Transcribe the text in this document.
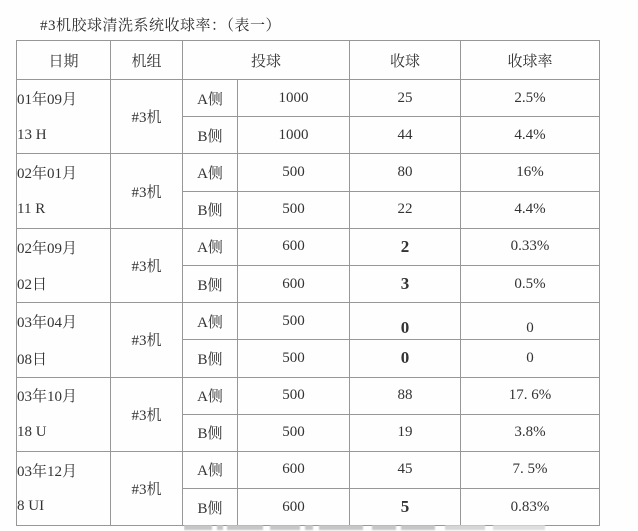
#3机胶球清洗系统收球率：（表一）
日期	机组	投球		收球	收球率

01年09月
13 H	#3机	A侧	1000	25	2.5%
		B侧	1000	44	4.4%

02年01月
11 R	#3机	A侧	500	80	16%
		B侧	500	22	4.4%

02年09月
02日	#3机	A侧	600	2	0.33%
		B侧	600	3	0.5%

03年04月
08日	#3机	A侧	500	0	0
		B侧	500	0	0

03年10月
18 U	#3机	A侧	500	88	17. 6%
		B侧	500	19	3.8%

03年12月
8 UI	#3机	A侧	600	45	7. 5%
		B侧	600	5	0.83%
